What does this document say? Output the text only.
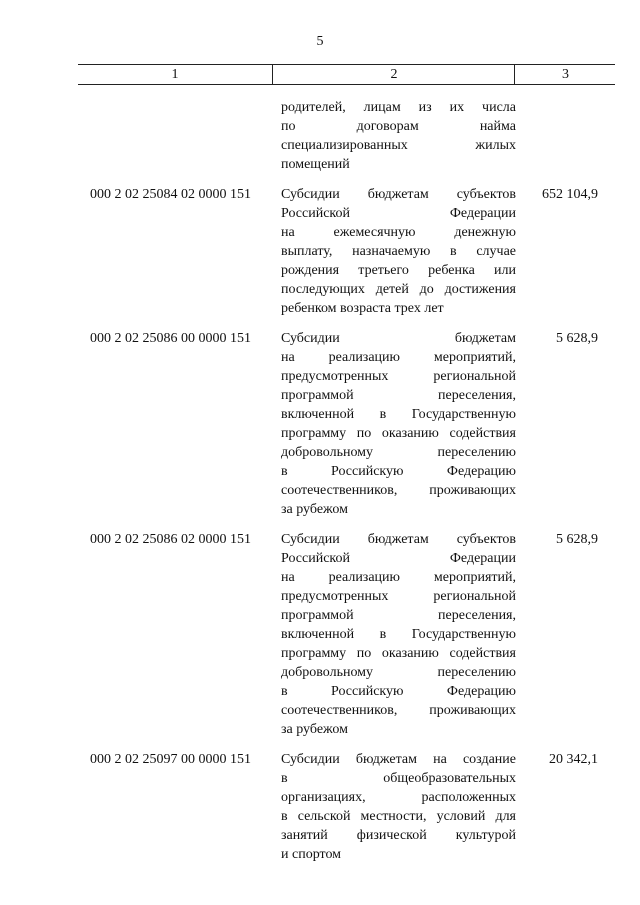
5
1	2	3
родителей, лицам из их числа
по договорам найма
специализированных жилых
помещений
000 2 02 25084 02 0000 151 Субсидии бюджетам субъектов
Российской Федерации
на ежемесячную денежную
выплату, назначаемую в случае
рождения третьего ребенка или
последующих детей до достижения
ребенком возраста трех лет
652 104,9
000 2 02 25086 00 0000 151 Субсидии бюджетам
на реализацию мероприятий,
предусмотренных региональной
программой переселения,
включенной в Государственную
программу по оказанию содействия
добровольному переселению
в Российскую Федерацию
соотечественников, проживающих
за рубежом
5 628,9
000 2 02 25086 02 0000 151 Субсидии бюджетам субъектов
Российской Федерации
на реализацию мероприятий,
предусмотренных региональной
программой переселения,
включенной в Государственную
программу по оказанию содействия
добровольному переселению
в Российскую Федерацию
соотечественников, проживающих
за рубежом
5 628,9
000 2 02 25097 00 0000 151 Субсидии бюджетам на создание
в общеобразовательных
организациях, расположенных
в сельской местности, условий для
занятий физической культурой
и спортом
20 342,1
